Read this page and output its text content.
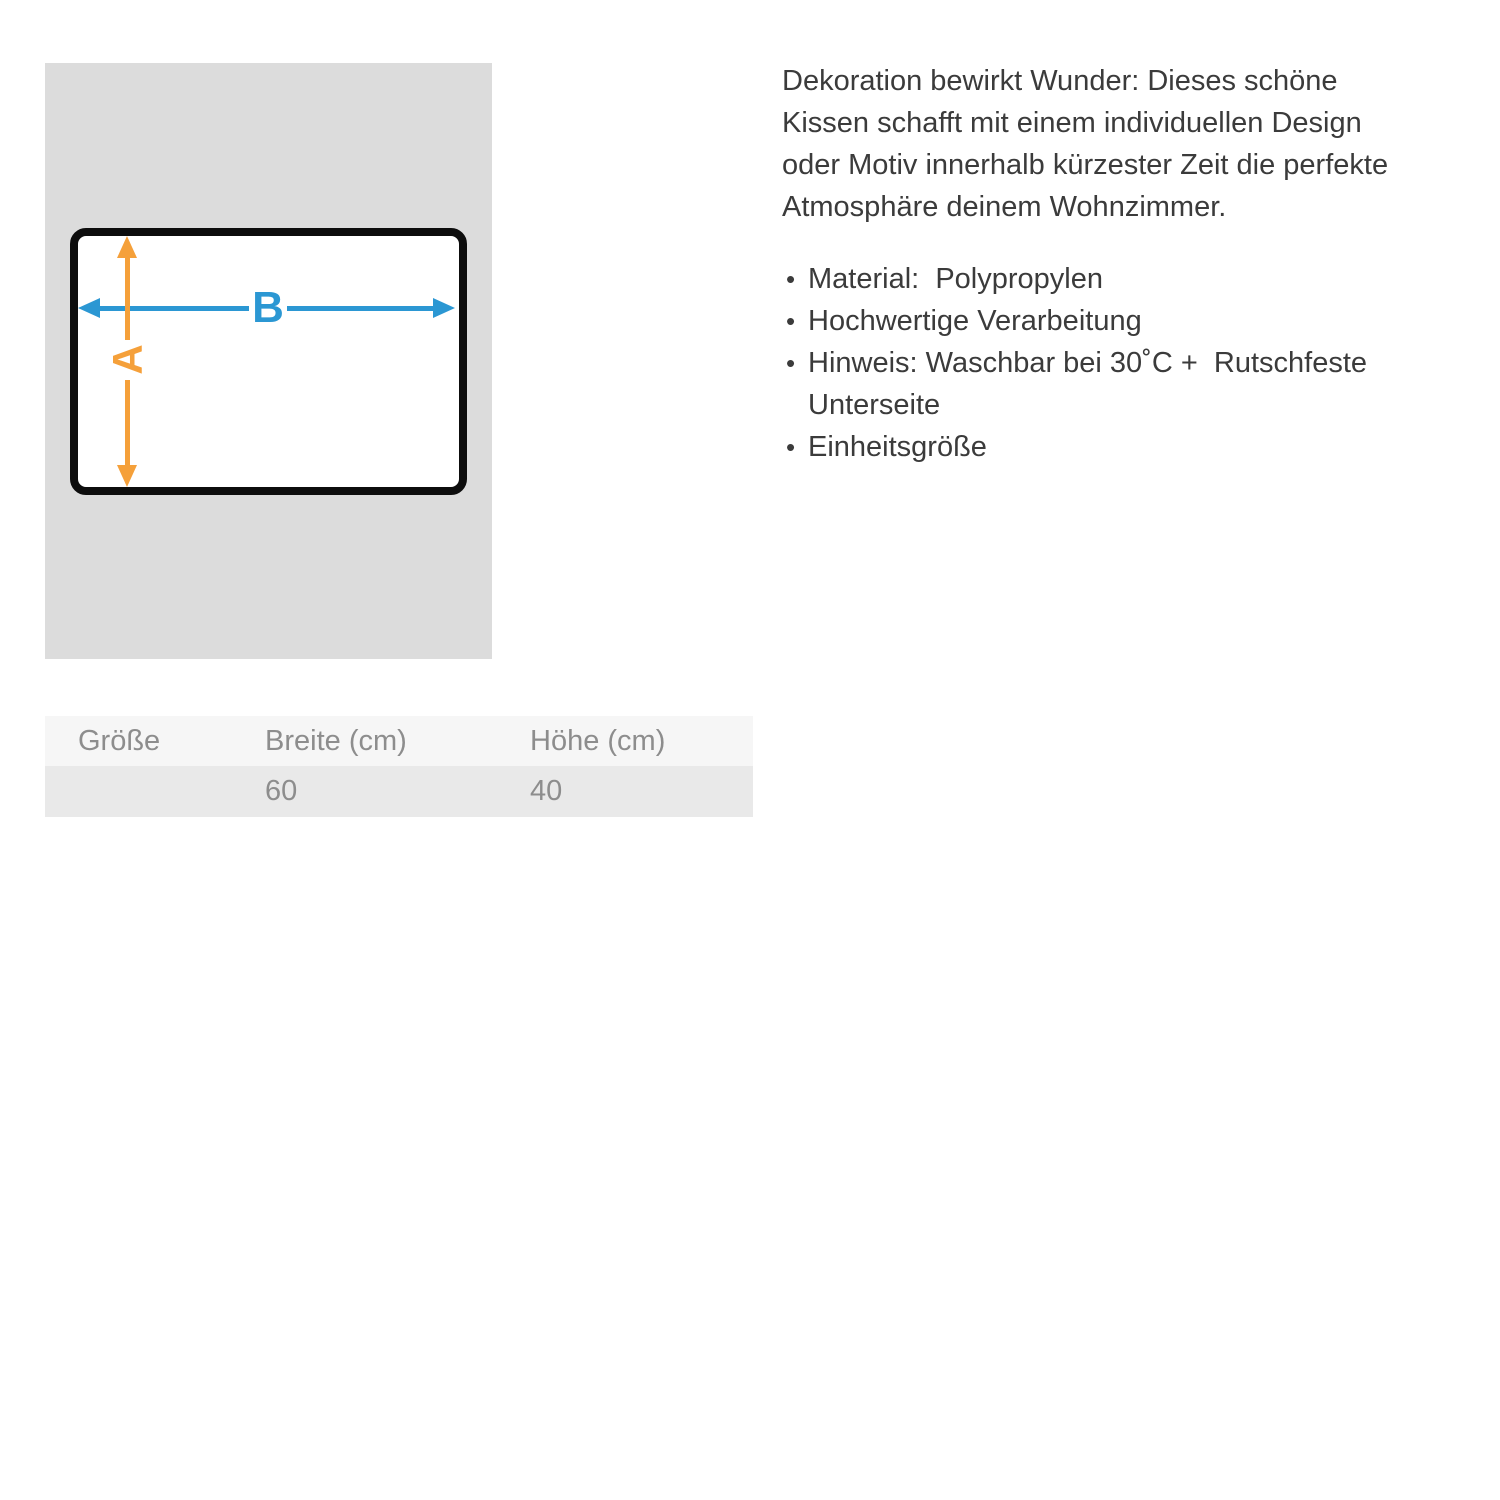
B
A
Dekoration bewirkt Wunder: Dieses schöne
Kissen schafft mit einem individuellen Design
oder Motiv innerhalb kürzester Zeit die perfekte
Atmosphäre deinem Wohnzimmer.
• Material:  Polypropylen
• Hochwertige Verarbeitung
• Hinweis: Waschbar bei 30˚C +  Rutschfeste Unterseite
• Einheitsgröße
Größe	Breite (cm)	Höhe (cm)
	60	40
